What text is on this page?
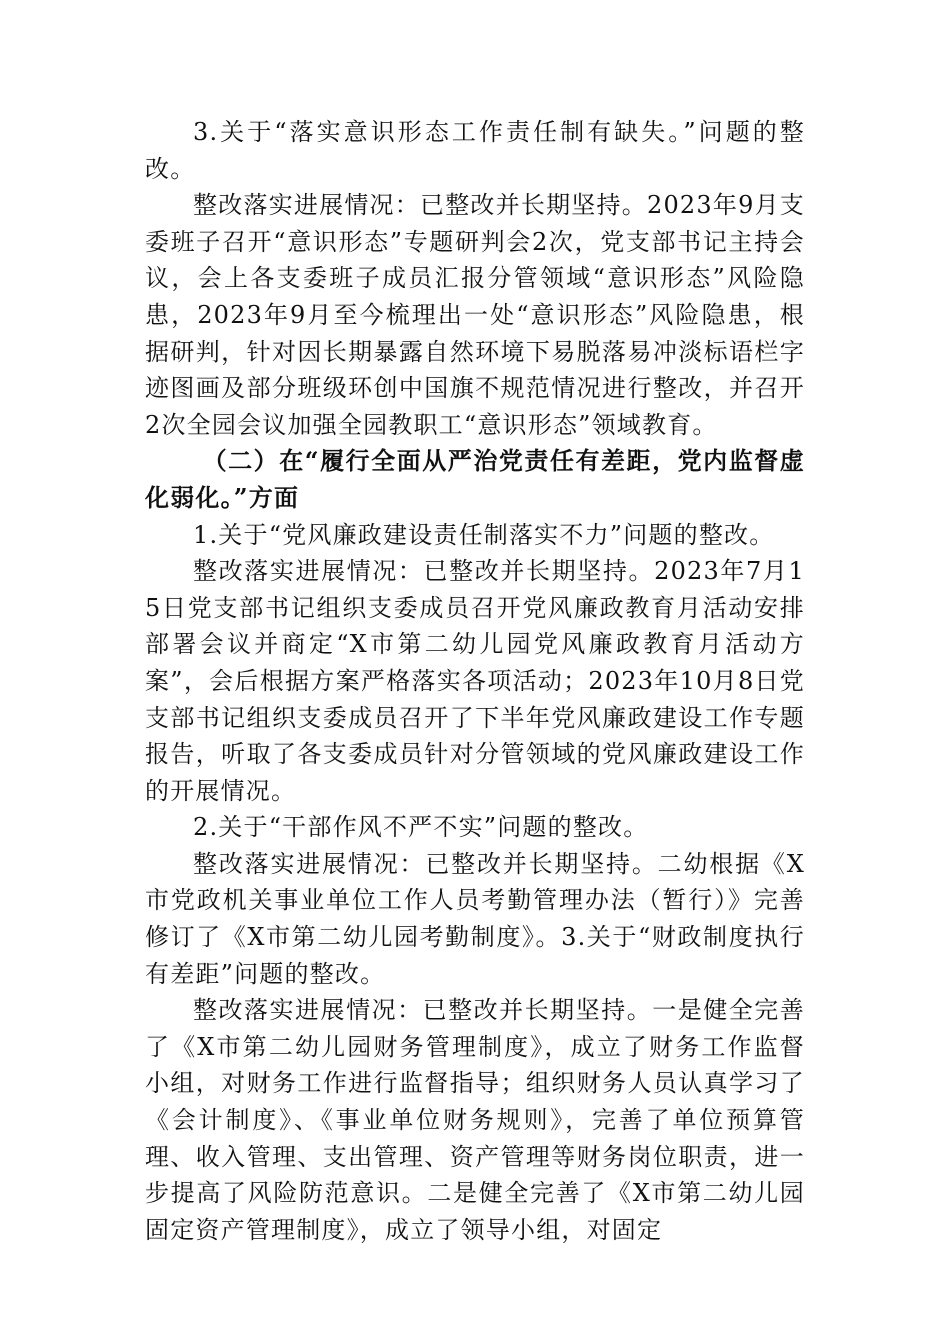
3.关于“落实意识形态工作责任制有缺失。”问题的整改。

整改落实进展情况：已整改并长期坚持。2023年9月支委班子召开“意识形态”专题研判会2次，党支部书记主持会议，会上各支委班子成员汇报分管领域“意识形态”风险隐患，2023年9月至今梳理出一处“意识形态”风险隐患，根据研判，针对因长期暴露自然环境下易脱落易冲淡标语栏字迹图画及部分班级环创中国旗不规范情况进行整改，并召开2次全园会议加强全园教职工“意识形态”领域教育。

（二）在“履行全面从严治党责任有差距，党内监督虚化弱化。”方面

1.关于“党风廉政建设责任制落实不力”问题的整改。

整改落实进展情况：已整改并长期坚持。2023年7月15日党支部书记组织支委成员召开党风廉政教育月活动安排部署会议并商定“X市第二幼儿园党风廉政教育月活动方案”，会后根据方案严格落实各项活动；2023年10月8日党支部书记组织支委成员召开了下半年党风廉政建设工作专题报告，听取了各支委成员针对分管领域的党风廉政建设工作的开展情况。

2.关于“干部作风不严不实”问题的整改。

整改落实进展情况：已整改并长期坚持。二幼根据《X市党政机关事业单位工作人员考勤管理办法（暂行）》完善修订了《X市第二幼儿园考勤制度》。3.关于“财政制度执行有差距”问题的整改。

整改落实进展情况：已整改并长期坚持。一是健全完善了《X市第二幼儿园财务管理制度》，成立了财务工作监督小组，对财务工作进行监督指导；组织财务人员认真学习了《会计制度》、《事业单位财务规则》，完善了单位预算管理、收入管理、支出管理、资产管理等财务岗位职责，进一步提高了风险防范意识。二是健全完善了《X市第二幼儿园固定资产管理制度》，成立了领导小组，对固定
